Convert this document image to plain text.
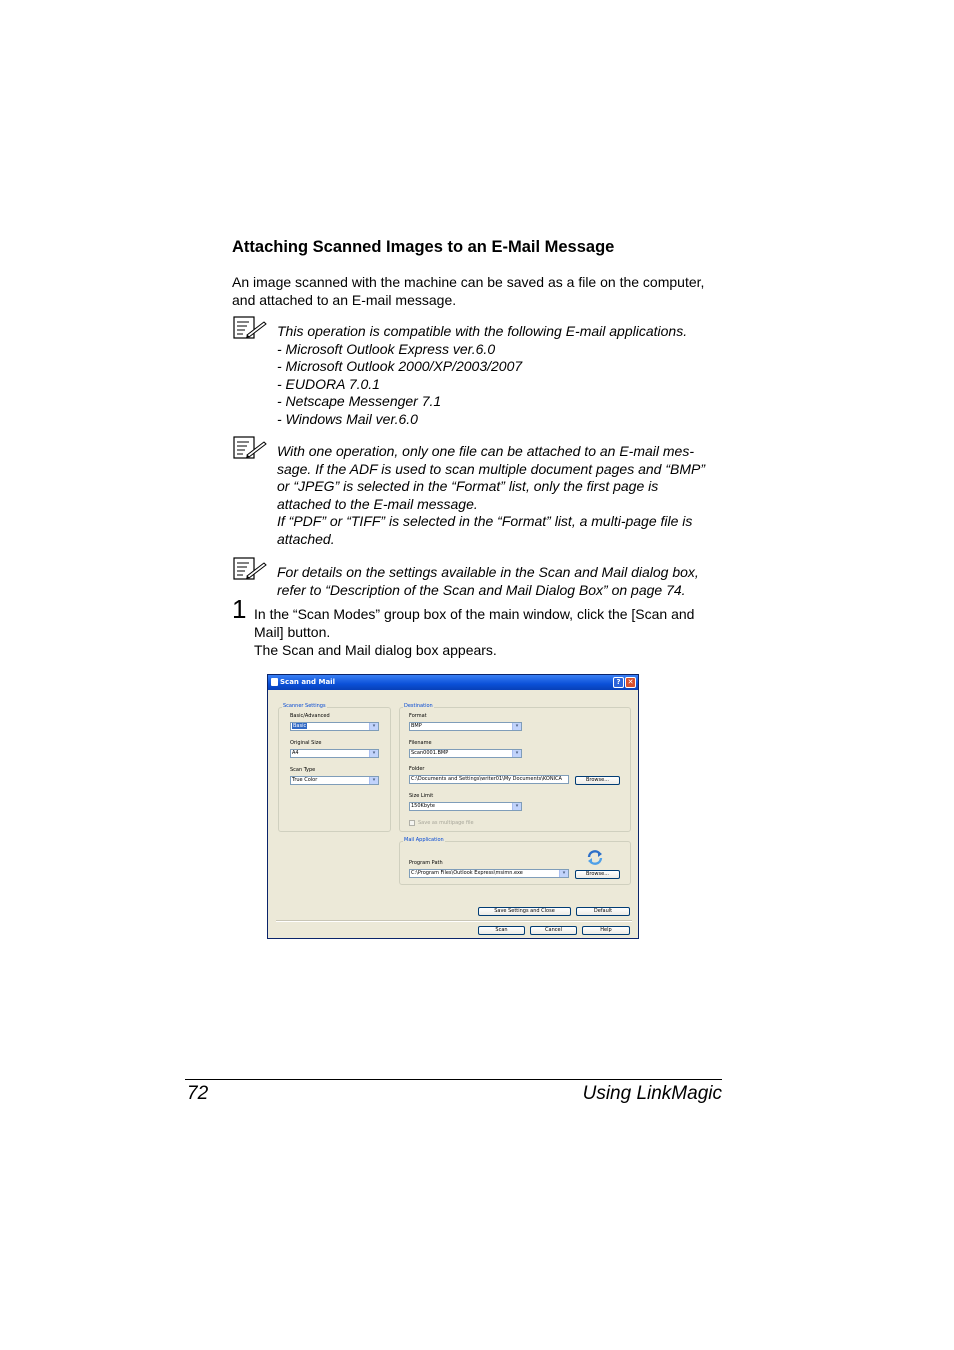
Attaching Scanned Images to an E-Mail Message
An image scanned with the machine can be saved as a file on the computer, and attached to an E-mail message.
This operation is compatible with the following E-mail applications.
- Microsoft Outlook Express ver.6.0
- Microsoft Outlook 2000/XP/2003/2007
- EUDORA 7.0.1
- Netscape Messenger 7.1
- Windows Mail ver.6.0
With one operation, only one file can be attached to an E-mail mes-
sage. If the ADF is used to scan multiple document pages and “BMP”
or “JPEG” is selected in the “Format” list, only the first page is
attached to the E-mail message.
If “PDF” or “TIFF” is selected in the “Format” list, a multi-page file is
attached.
For details on the settings available in the Scan and Mail dialog box,
refer to “Description of the Scan and Mail Dialog Box” on page 74.
1 In the “Scan Modes” group box of the main window, click the [Scan and
Mail] button.
The Scan and Mail dialog box appears.
Scan and Mail	?	✕
Scanner Settings
Basic/Advanced
Basic	▾
Original Size
A4	▾
Scan Type
True Color	▾
Destination
Format
BMP	▾
Filename
Scan0001.BMP	▾
Folder
C:\Documents and Settings\writer01\My Documents\KONICA	Browse...
Size Limit
150Kbyte	▾
Save as multipage file
Mail Application
Program Path
C:\Program Files\Outlook Express\msimn.exe	▾	Browse...
Save Settings and Close	Default
Scan	Cancel	Help
72	Using LinkMagic
